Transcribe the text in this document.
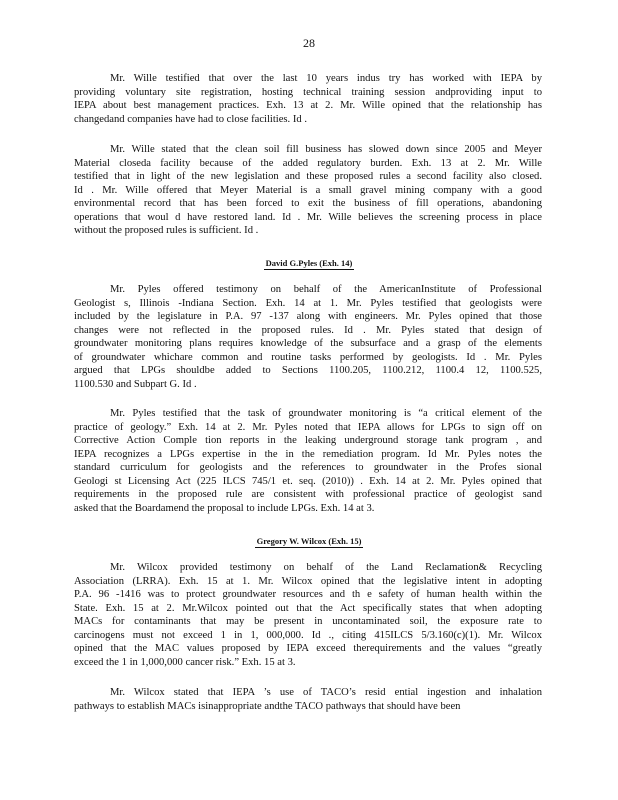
28
Mr. Wille testified that over the last 10 years indus try has worked with IEPA by
providing voluntary site registration, hosting technical training session andproviding input to
IEPA about best management practices. Exh. 13 at 2. Mr. Wille opined that the relationship has
changedand companies have had to close facilities. Id .
Mr. Wille stated that the clean soil fill business has slowed down since 2005 and Meyer
Material closeda facility because of the added regulatory burden. Exh. 13 at 2. Mr. Wille
testified that in light of the new legislation and these proposed rules a second facility also closed.
Id . Mr. Wille offered that Meyer Material is a small gravel mining company with a good
environmental record that has been forced to exit the business of fill operations, abandoning
operations that woul d have restored land. Id . Mr. Wille believes the screening process in place
without the proposed rules is sufficient. Id .
David G.Pyles (Exh. 14)
Mr. Pyles offered testimony on behalf of the AmericanInstitute of Professional
Geologist s, Illinois -Indiana Section. Exh. 14 at 1. Mr. Pyles testified that geologists were
included by the legislature in P.A. 97 -137 along with engineers. Mr. Pyles opined that those
changes were not reflected in the proposed rules. Id . Mr. Pyles stated that design of
groundwater monitoring plans requires knowledge of the subsurface and a grasp of the elements
of groundwater whichare common and routine tasks performed by geologists. Id . Mr. Pyles
argued that LPGs shouldbe added to Sections 1100.205, 1100.212, 1100.4 12, 1100.525,
1100.530 and Subpart G. Id .
Mr. Pyles testified that the task of groundwater monitoring is “a critical element of the
practice of geology.” Exh. 14 at 2. Mr. Pyles noted that IEPA allows for LPGs to sign off on
Corrective Action Comple tion reports in the leaking underground storage tank program , and
IEPA recognizes a LPGs expertise in the in the remediation program. Id Mr. Pyles notes the
standard curriculum for geologists and the references to groundwater in the Profes sional
Geologi st Licensing Act (225 ILCS 745/1 et. seq. (2010)) . Exh. 14 at 2. Mr. Pyles opined that
requirements in the proposed rule are consistent with professional practice of geologist sand
asked that the Boardamend the proposal to include LPGs. Exh. 14 at 3.
Gregory W. Wilcox (Exh. 15)
Mr. Wilcox provided testimony on behalf of the Land Reclamation& Recycling
Association (LRRA). Exh. 15 at 1. Mr. Wilcox opined that the legislative intent in adopting
P.A. 96 -1416 was to protect groundwater resources and th e safety of human health within the
State. Exh. 15 at 2. Mr.Wilcox pointed out that the Act specifically states that when adopting
MACs for contaminants that may be present in uncontaminated soil, the exposure rate to
carcinogens must not exceed 1 in 1, 000,000. Id ., citing 415ILCS 5/3.160(c)(1). Mr. Wilcox
opined that the MAC values proposed by IEPA exceed therequirements and the values “greatly
exceed the 1 in 1,000,000 cancer risk.” Exh. 15 at 3.
Mr. Wilcox stated that IEPA ’s use of TACO’s resid ential ingestion and inhalation
pathways to establish MACs isinappropriate andthe TACO pathways that should have been
